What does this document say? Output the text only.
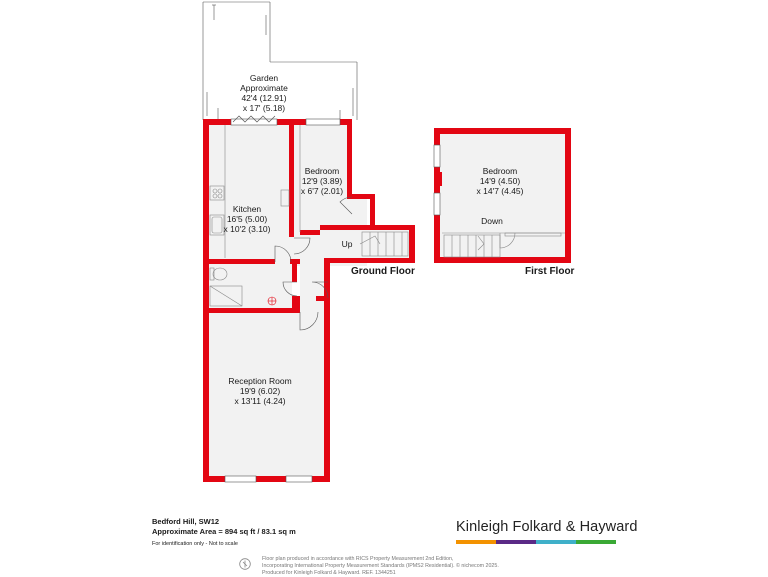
Garden
Approximate
42'4 (12.91)
x 17' (5.18)
Kitchen
16'5 (5.00)
x 10'2 (3.10)
Bedroom
12'9 (3.89)
x 6'7 (2.01)
Reception Room
19'9 (6.02)
x 13'11 (4.24)
Bedroom
14'9 (4.50)
x 14'7 (4.45)
Up
Down
Ground Floor	First Floor
Bedford Hill, SW12
Approximate Area = 894 sq ft / 83.1 sq m
For identification only - Not to scale
Kinleigh Folkard & Hayward
Floor plan produced in accordance with RICS Property Measurement 2nd Edition,
Incorporating International Property Measurement Standards (IPMS2 Residential). © nichecom 2025.
Produced for Kinleigh Folkard & Hayward. REF. 1344251
